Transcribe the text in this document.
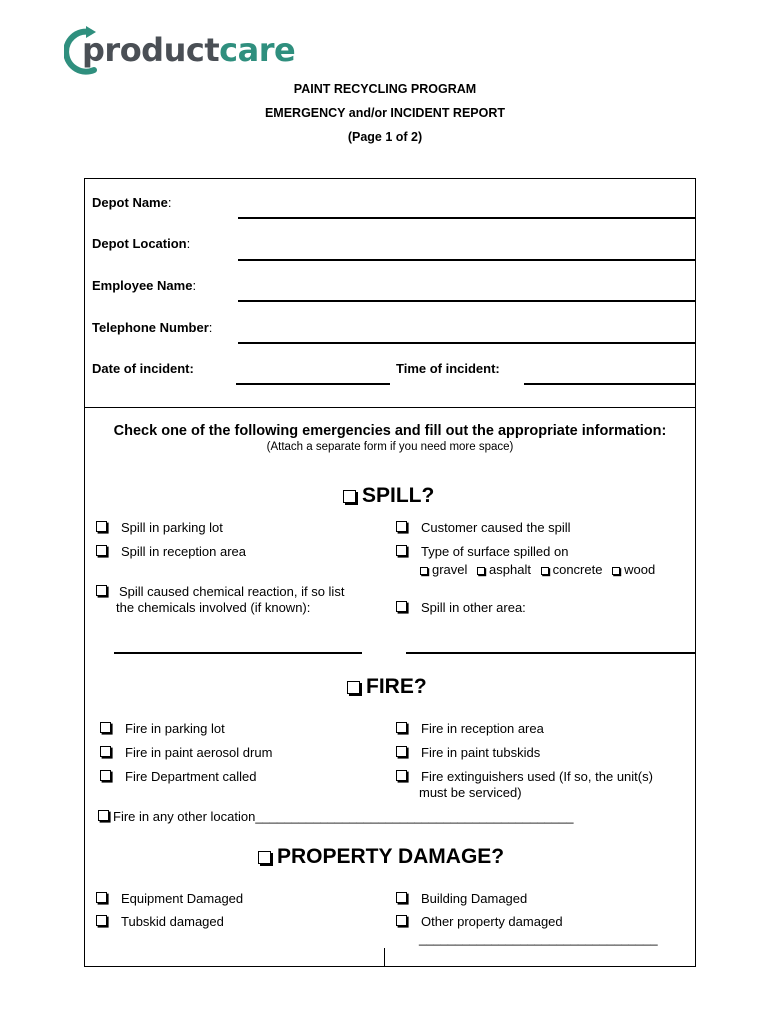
productcare
PAINT RECYCLING PROGRAM
EMERGENCY and/or INCIDENT REPORT
(Page 1 of 2)
Depot Name:
Depot Location:
Employee Name:
Telephone Number:
Date of incident:	Time of incident:
Check one of the following emergencies and fill out the appropriate information:
(Attach a separate form if you need more space)
SPILL?
Spill in parking lot
Spill in reception area
Spill caused chemical reaction, if so list
the chemicals involved (if known):
Customer caused the spill
Type of surface spilled on
gravel asphalt concrete wood
Spill in other area:
FIRE?
Fire in parking lot
Fire in paint aerosol drum
Fire Department called
Fire in reception area
Fire in paint tubskids
Fire extinguishers used (If so, the unit(s)
must be serviced)
Fire in any other location ____________________________________________
PROPERTY DAMAGE?
Equipment Damaged
Tubskid damaged
Building Damaged
Other property damaged
_________________________________
